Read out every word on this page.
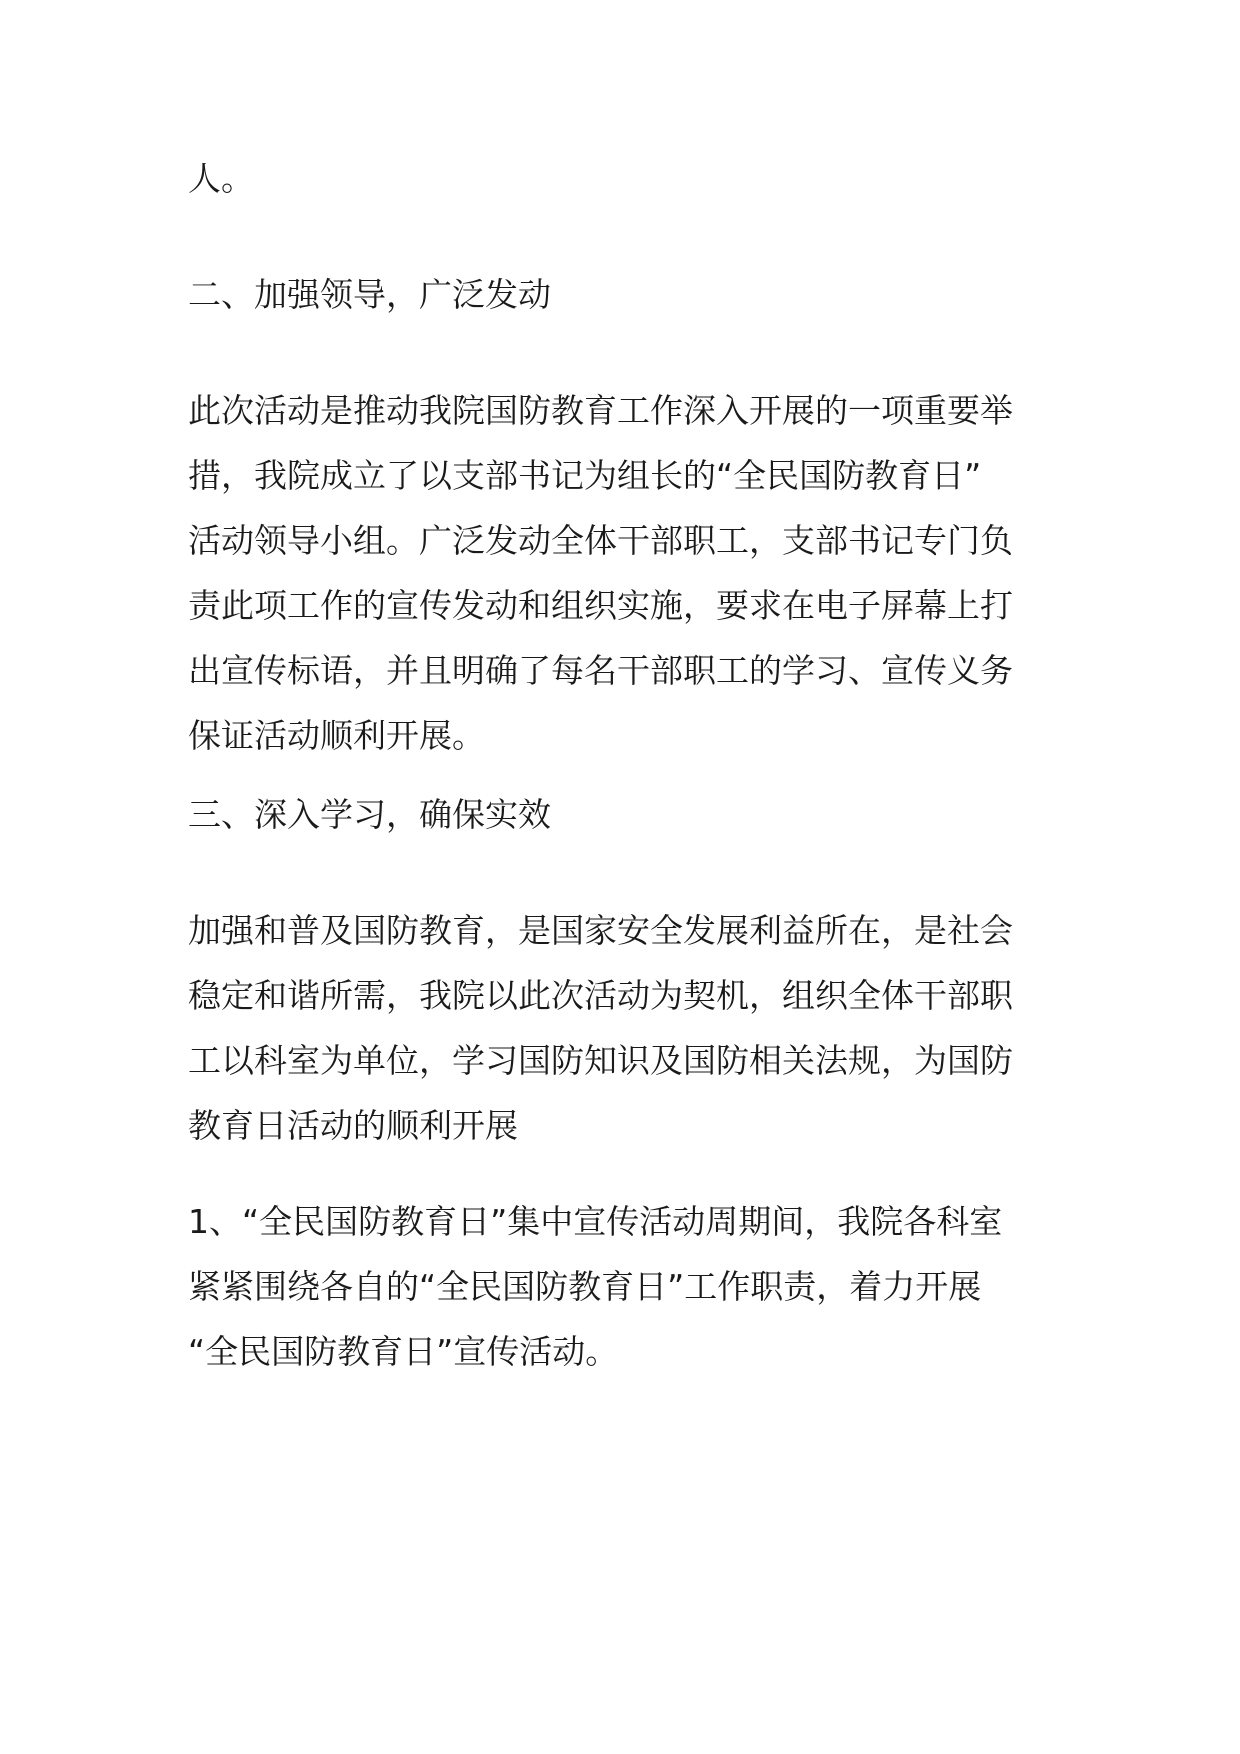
人。

二、加强领导，广泛发动

此次活动是推动我院国防教育工作深入开展的一项重要举
措，我院成立了以支部书记为组长的“全民国防教育日”
活动领导小组。广泛发动全体干部职工，支部书记专门负
责此项工作的宣传发动和组织实施，要求在电子屏幕上打
出宣传标语，并且明确了每名干部职工的学习、宣传义务
保证活动顺利开展。

三、深入学习，确保实效

加强和普及国防教育，是国家安全发展利益所在，是社会
稳定和谐所需，我院以此次活动为契机，组织全体干部职
工以科室为单位，学习国防知识及国防相关法规，为国防
教育日活动的顺利开展

1、“全民国防教育日”集中宣传活动周期间，我院各科室
紧紧围绕各自的“全民国防教育日”工作职责，着力开展
“全民国防教育日”宣传活动。
